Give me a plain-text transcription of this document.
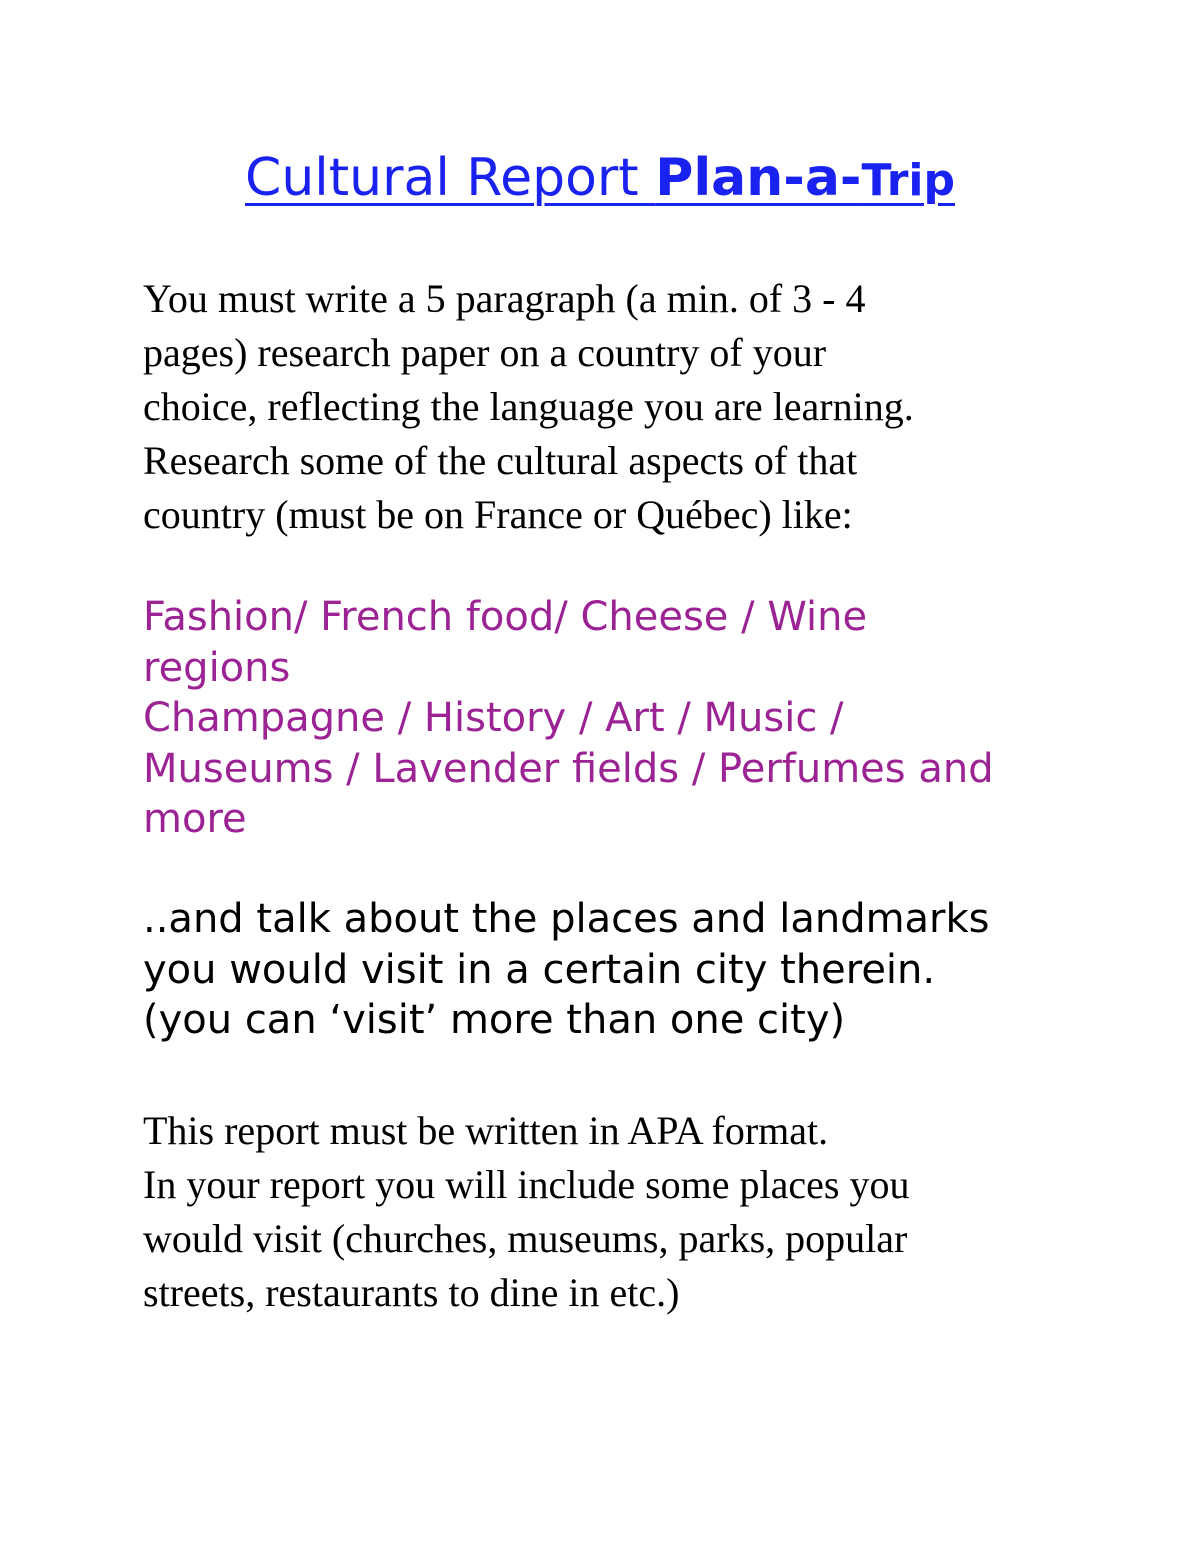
Cultural Report Plan-a-Trip
You must write a 5 paragraph (a min. of 3 - 4
pages) research paper on a country of your
choice, reflecting the language you are learning.
Research some of the cultural aspects of that
country (must be on France or Québec) like:
Fashion/ French food/ Cheese / Wine
regions
Champagne / History / Art / Music /
Museums / Lavender fields / Perfumes and
more
..and talk about the places and landmarks
you would visit in a certain city therein.
(you can ‘visit’ more than one city)
This report must be written in APA format.
In your report you will include some places you
would visit (churches, museums, parks, popular
streets, restaurants to dine in etc.)
